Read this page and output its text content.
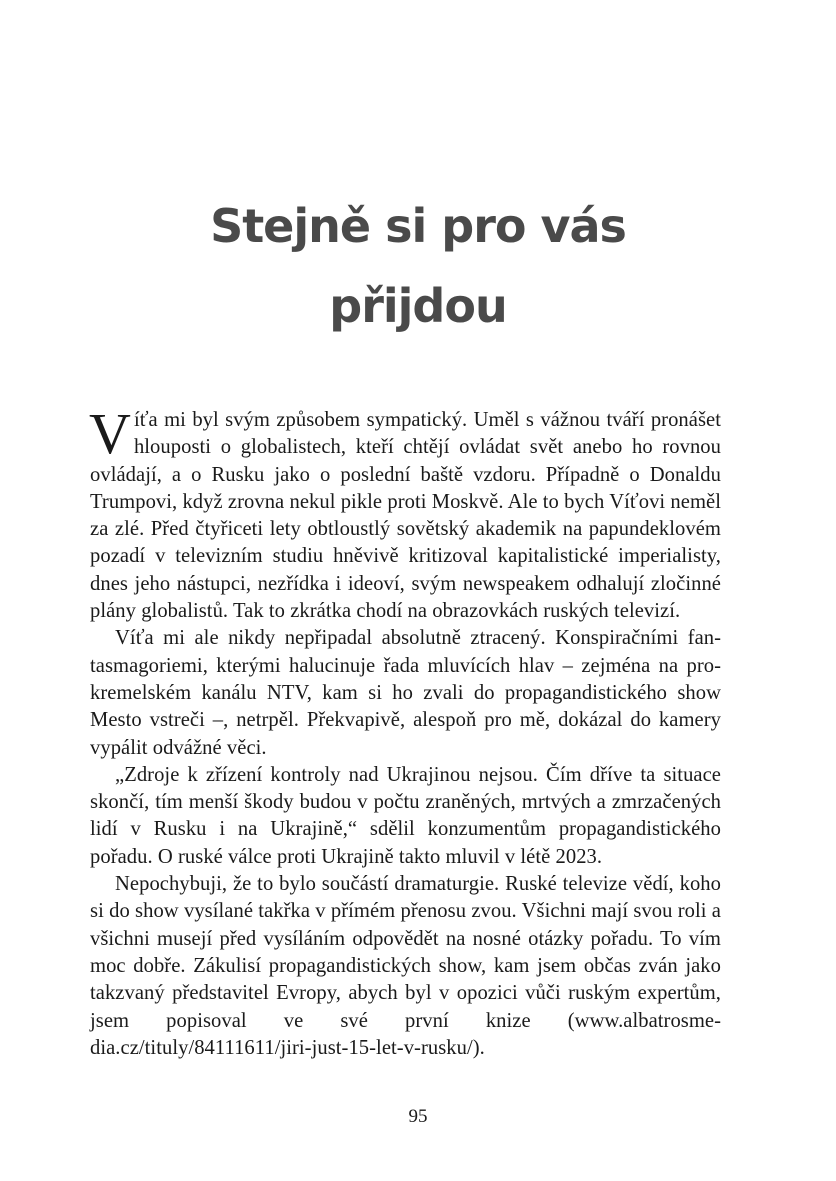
Stejně si pro vás
přijdou

Víťa mi byl svým způsobem sympatický. Uměl s vážnou tváří pronášet hlouposti o globalistech, kteří chtějí ovládat svět anebo ho rovnou ovládají, a o Rusku jako o poslední baště vzdoru. Případně o Donaldu Trumpovi, když zrovna nekul pikle proti Moskvě. Ale to bych Víťovi neměl za zlé. Před čtyřiceti lety obtloustlý sovětský akademik na papundeklovém pozadí v televizním studiu hněvivě kritizoval kapitalistické imperialisty, dnes jeho nástupci, nezřídka i ideoví, svým newspeakem odhalují zločinné plány globalistů. Tak to zkrátka chodí na obrazovkách ruských televizí.

Víťa mi ale nikdy nepřipadal absolutně ztracený. Konspiračními fantasmagoriemi, kterými halucinuje řada mluvících hlav – zejména na prokremelském kanálu NTV, kam si ho zvali do propagandistického show Mesto vstreči –, netrpěl. Překvapivě, alespoň pro mě, dokázal do kamery vypálit odvážné věci.

„Zdroje k zřízení kontroly nad Ukrajinou nejsou. Čím dříve ta situace skončí, tím menší škody budou v počtu zraněných, mrtvých a zmrzačených lidí v Rusku i na Ukrajině,“ sdělil konzumentům propagandistického pořadu. O ruské válce proti Ukrajině takto mluvil v létě 2023.

Nepochybuji, že to bylo součástí dramaturgie. Ruské televize vědí, koho si do show vysílané takřka v přímém přenosu zvou. Všichni mají svou roli a všichni musejí před vysíláním odpovědět na nosné otázky pořadu. To vím moc dobře. Zákulisí propagandistických show, kam jsem občas zván jako takzvaný představitel Evropy, abych byl v opozici vůči ruským expertům, jsem popisoval ve své první knize (www.albatrosmedia.cz/tituly/84111611/jiri-just-15-let-v-rusku/).

95
